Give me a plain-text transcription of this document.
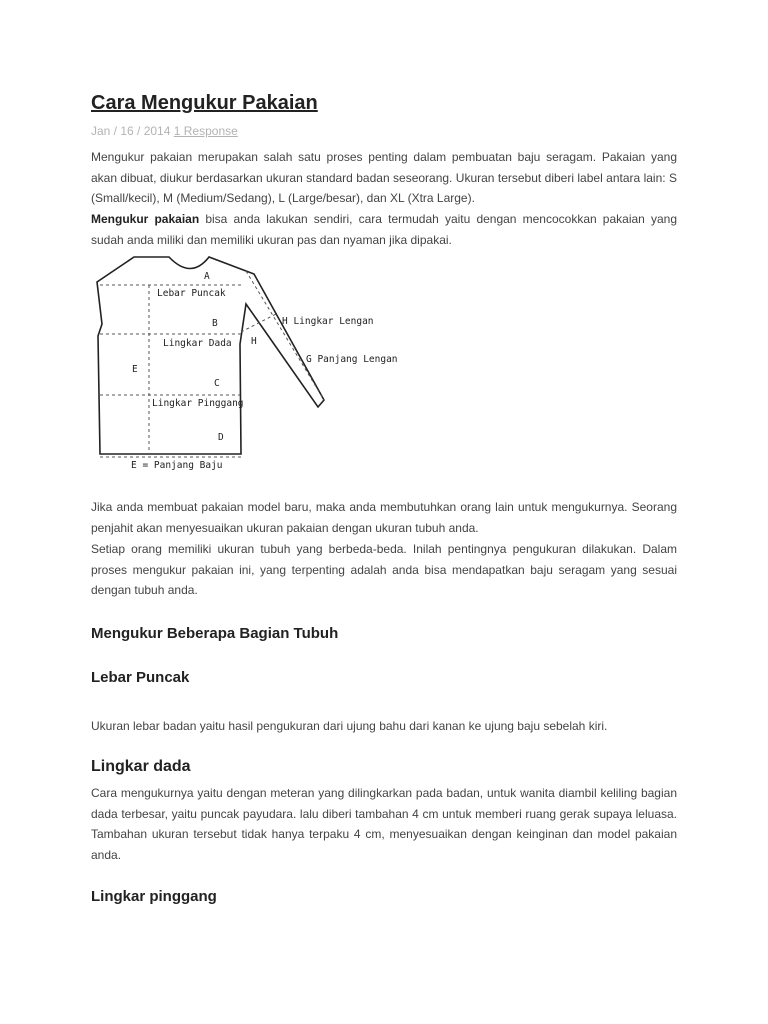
Cara Mengukur Pakaian
Jan / 16 / 2014 1 Response

Mengukur pakaian merupakan salah satu proses penting dalam pembuatan baju seragam. Pakaian yang akan dibuat, diukur berdasarkan ukuran standard badan seseorang. Ukuran tersebut diberi label antara lain: S (Small/kecil), M (Medium/Sedang), L (Large/besar), dan XL (Xtra Large).

Mengukur pakaian bisa anda lakukan sendiri, cara termudah yaitu dengan mencocokkan pakaian yang sudah anda miliki dan memiliki ukuran pas dan nyaman jika dipakai.

Jika anda membuat pakaian model baru, maka anda membutuhkan orang lain untuk mengukurnya. Seorang penjahit akan menyesuaikan ukuran pakaian dengan ukuran tubuh anda.

Setiap orang memiliki ukuran tubuh yang berbeda-beda. Inilah pentingnya pengukuran dilakukan. Dalam proses mengukur pakaian ini, yang terpenting adalah anda bisa mendapatkan baju seragam yang sesuai dengan tubuh anda.

Mengukur Beberapa Bagian Tubuh
Lebar Puncak

Ukuran lebar badan yaitu hasil pengukuran dari ujung bahu dari kanan ke ujung baju sebelah kiri.

Lingkar dada

Cara mengukurnya yaitu dengan meteran yang dilingkarkan pada badan, untuk wanita diambil keliling bagian dada terbesar, yaitu puncak payudara. lalu diberi tambahan 4 cm untuk memberi ruang gerak supaya leluasa. Tambahan ukuran tersebut tidak hanya terpaku 4 cm, menyesuaikan dengan keinginan dan model pakaian anda.

Lingkar pinggang
A
Lebar Puncak
B
Lingkar Dada
E
C
Lingkar Pinggang
D
E = Panjang Baju
H Lingkar Lengan
H
G Panjang Lengan
